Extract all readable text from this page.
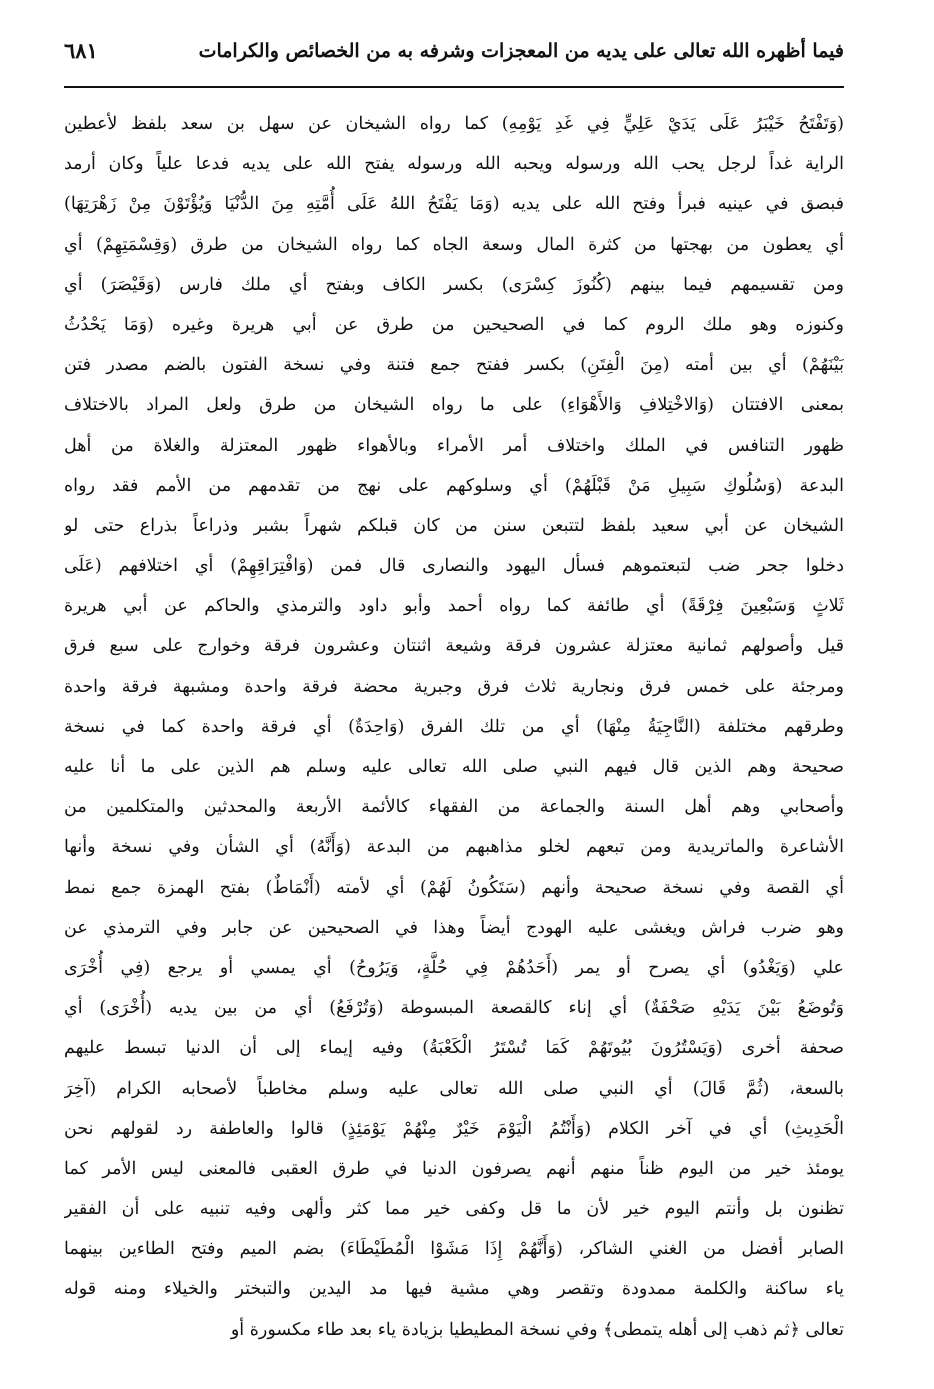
فيما أظهره الله تعالى على يديه من المعجزات وشرفه به من الخصائص والكرامات
٦٨١
(وَتَفْتَحُ خَيْبَرُ عَلَى يَدَيْ عَلِيٍّ فِي غَدِ يَوْمِهِ) كما رواه الشيخان عن سهل بن سعد بلفظ لأعطين
الراية غداً لرجل يحب الله ورسوله ويحبه الله ورسوله يفتح الله على يديه فدعا علياً وكان أرمد
فبصق في عينيه فبرأ وفتح الله على يديه (وَمَا يَفْتَحُ اللهُ عَلَى أُمَّتِهِ مِنَ الدُّنْيَا وَيُؤْتَوْنَ مِنْ زَهْرَتِهَا)
أي يعطون من بهجتها من كثرة المال وسعة الجاه كما رواه الشيخان من طرق (وَقِسْمَتِهِمْ) أي
ومن تقسيمهم فيما بينهم (كُنُوزَ كِسْرَى) بكسر الكاف وبفتح أي ملك فارس (وَقَيْصَرَ) أي
وكنوزه وهو ملك الروم كما في الصحيحين من طرق عن أبي هريرة وغيره (وَمَا يَحْدُثُ
بَيْنَهُمْ) أي بين أمته (مِنَ الْفِتَنِ) بكسر ففتح جمع فتنة وفي نسخة الفتون بالضم مصدر فتن
بمعنى الافتتان (وَالاخْتِلافِ وَالأَهْوَاءِ) على ما رواه الشيخان من طرق ولعل المراد بالاختلاف
ظهور التنافس في الملك واختلاف أمر الأمراء وبالأهواء ظهور المعتزلة والغلاة من أهل
البدعة (وَسُلُوكِ سَبِيلِ مَنْ قَبْلَهُمْ) أي وسلوكهم على نهج من تقدمهم من الأمم فقد رواه
الشيخان عن أبي سعيد بلفظ لتتبعن سنن من كان قبلكم شهراً بشبر وذراعاً بذراع حتى لو
دخلوا جحر ضب لتبعتموهم فسأل اليهود والنصارى قال فمن (وَافْتِرَاقِهِمْ) أي اختلافهم (عَلَى
ثَلاثٍ وَسَبْعِينَ فِرْقَةً) أي طائفة كما رواه أحمد وأبو داود والترمذي والحاكم عن أبي هريرة
قيل وأصولهم ثمانية معتزلة عشرون فرقة وشيعة اثنتان وعشرون فرقة وخوارج على سبع فرق
ومرجئة على خمس فرق ونجارية ثلاث فرق وجبرية محضة فرقة واحدة ومشبهة فرقة واحدة
وطرقهم مختلفة (النَّاجِيَةُ مِنْهَا) أي من تلك الفرق (وَاحِدَةٌ) أي فرقة واحدة كما في نسخة
صحيحة وهم الذين قال فيهم النبي صلى الله تعالى عليه وسلم هم الذين على ما أنا عليه
وأصحابي وهم أهل السنة والجماعة من الفقهاء كالأئمة الأربعة والمحدثين والمتكلمين من
الأشاعرة والماتريدية ومن تبعهم لخلو مذاهبهم من البدعة (وَأَنَّهُ) أي الشأن وفي نسخة وأنها
أي القصة وفي نسخة صحيحة وأنهم (سَتَكُونُ لَهُمْ) أي لأمته (أَنْمَاطٌ) بفتح الهمزة جمع نمط
وهو ضرب فراش ويغشى عليه الهودج أيضاً وهذا في الصحيحين عن جابر وفي الترمذي عن
علي (وَيَغْدُو) أي يصرح أو يمر (أَحَدُهُمْ فِي حُلَّةٍ، وَيَرُوحُ) أي يمسي أو يرجع (فِي أُخْرَى
وَتُوضَعُ بَيْنَ يَدَيْهِ صَحْفَةٌ) أي إناء كالقصعة المبسوطة (وَتُرْفَعُ) أي من بين يديه (أُخْرَى) أي
صحفة أخرى (وَيَسْتُرُونَ بُيُوتَهُمْ كَمَا تُسْتَرُ الْكَعْبَةُ) وفيه إيماء إلى أن الدنيا تبسط عليهم
بالسعة، (ثُمَّ قَالَ) أي النبي صلى الله تعالى عليه وسلم مخاطباً لأصحابه الكرام (آخِرَ
الْحَدِيثِ) أي في آخر الكلام (وَأَنْتُمُ الْيَوْمَ خَيْرٌ مِنْهُمْ يَوْمَئِذٍ) قالوا والعاطفة رد لقولهم نحن
يومئذ خير من اليوم ظناً منهم أنهم يصرفون الدنيا في طرق العقبى فالمعنى ليس الأمر كما
تظنون بل وأنتم اليوم خير لأن ما قل وكفى خير مما كثر وألهى وفيه تنبيه على أن الفقير
الصابر أفضل من الغني الشاكر، (وَأَنَّهُمْ إِذَا مَشَوْا الْمُطَيْطَاءَ) بضم الميم وفتح الطاءين بينهما
ياء ساكنة والكلمة ممدودة وتقصر وهي مشية فيها مد اليدين والتبختر والخيلاء ومنه قوله
تعالى ﴿ثم ذهب إلى أهله يتمطى﴾ وفي نسخة المطيطيا بزيادة ياء بعد طاء مكسورة أو
